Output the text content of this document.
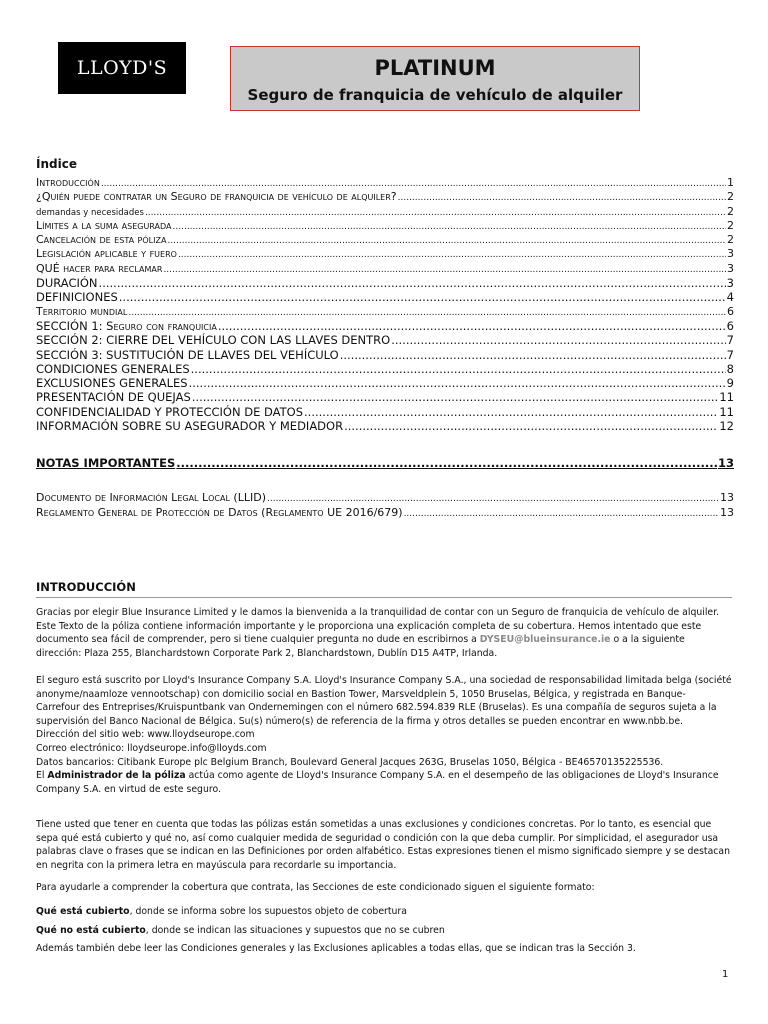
LLOYD'S	PLATINUM
Seguro de franquicia de vehículo de alquiler
Índice
Introducción .....	1
¿Quién puede contratar un Seguro de franquicia de vehículo de alquiler? .....	2
demandas y necesidades .....	2
Límites a la suma asegurada .....	2
Cancelación de esta póliza .....	2
Legislación aplicable y fuero .....	3
QUÉ hacer para reclamar .....	3
DURACIÓN .....	3
DEFINICIONES .....	4
Territorio mundial .....	6
SECCIÓN 1: Seguro con franquicia .....	6
SECCIÓN 2: CIERRE DEL VEHÍCULO CON LAS LLAVES DENTRO .....	7
SECCIÓN 3: SUSTITUCIÓN DE LLAVES DEL VEHÍCULO .....	7
CONDICIONES GENERALES .....	8
EXCLUSIONES GENERALES .....	9
PRESENTACIÓN DE QUEJAS .....	11
CONFIDENCIALIDAD Y PROTECCIÓN DE DATOS .....	11
INFORMACIÓN SOBRE SU ASEGURADOR Y MEDIADOR .....	12
NOTAS IMPORTANTES .....	13
Documento de Información Legal Local (LLID) .....	13
Reglamento General de Protección de Datos (Reglamento UE 2016/679) .....	13
INTRODUCCIÓN

Gracias por elegir Blue Insurance Limited y le damos la bienvenida a la tranquilidad de contar con un Seguro de franquicia de vehículo de alquiler. Este Texto de la póliza contiene información importante y le proporciona una explicación completa de su cobertura. Hemos intentado que este documento sea fácil de comprender, pero si tiene cualquier pregunta no dude en escribirnos a DYSEU@blueinsurance.ie o a la siguiente dirección: Plaza 255, Blanchardstown Corporate Park 2, Blanchardstown, Dublín D15 A4TP, Irlanda.

El seguro está suscrito por Lloyd's Insurance Company S.A. Lloyd's Insurance Company S.A., una sociedad de responsabilidad limitada belga (société anonyme/naamloze vennootschap) con domicilio social en Bastion Tower, Marsveldplein 5, 1050 Bruselas, Bélgica, y registrada en Banque- Carrefour des Entreprises/Kruispuntbank van Ondernemingen con el número 682.594.839 RLE (Bruselas). Es una compañía de seguros sujeta a la supervisión del Banco Nacional de Bélgica. Su(s) número(s) de referencia de la firma y otros detalles se pueden encontrar en www.nbb.be.
Dirección del sitio web: www.lloydseurope.com
Correo electrónico: lloydseurope.info@lloyds.com
Datos bancarios: Citibank Europe plc Belgium Branch, Boulevard General Jacques 263G, Bruselas 1050, Bélgica - BE46570135225536.
El Administrador de la póliza actúa como agente de Lloyd's Insurance Company S.A. en el desempeño de las obligaciones de Lloyd's Insurance Company S.A. en virtud de este seguro.

Tiene usted que tener en cuenta que todas las pólizas están sometidas a unas exclusiones y condiciones concretas. Por lo tanto, es esencial que sepa qué está cubierto y qué no, así como cualquier medida de seguridad o condición con la que deba cumplir. Por simplicidad, el asegurador usa palabras clave o frases que se indican en las Definiciones por orden alfabético. Estas expresiones tienen el mismo significado siempre y se destacan en negrita con la primera letra en mayúscula para recordarle su importancia.

Para ayudarle a comprender la cobertura que contrata, las Secciones de este condicionado siguen el siguiente formato:

Qué está cubierto, donde se informa sobre los supuestos objeto de cobertura

Qué no está cubierto, donde se indican las situaciones y supuestos que no se cubren

Además también debe leer las Condiciones generales y las Exclusiones aplicables a todas ellas, que se indican tras la Sección 3.

1
